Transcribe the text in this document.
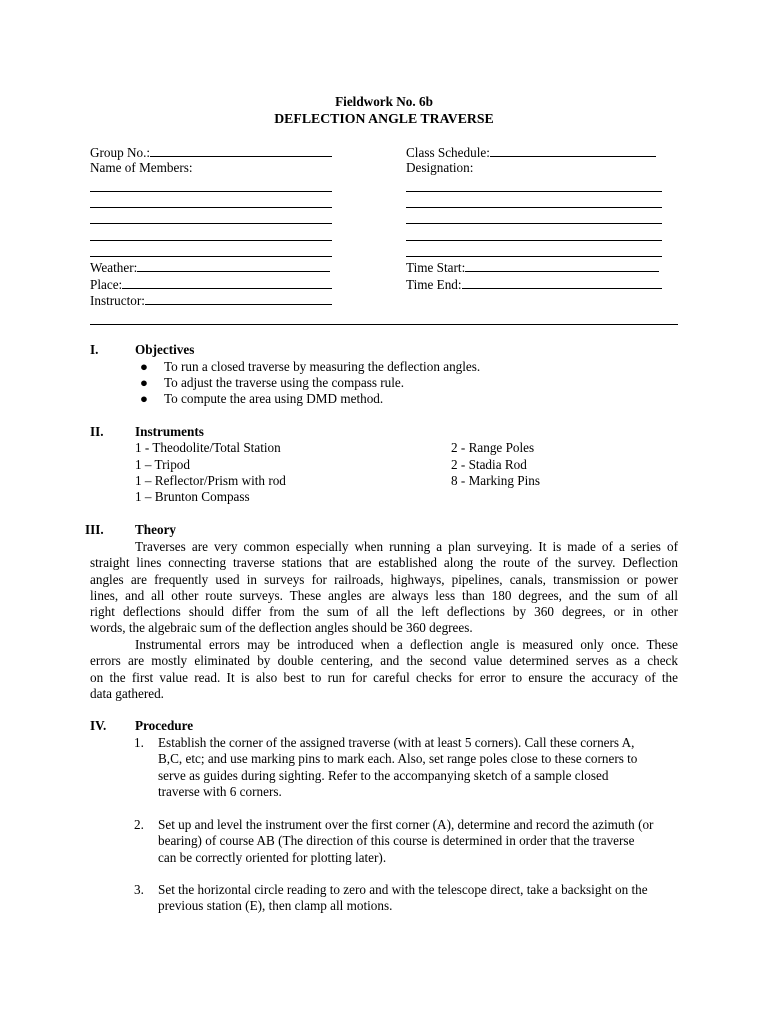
Fieldwork No. 6b
DEFLECTION ANGLE TRAVERSE
Group No.:
Name of Members:
Weather:
Place:
Instructor:
Class Schedule:
Designation:
Time Start:
Time End:
I.	Objectives
● To run a closed traverse by measuring the deflection angles.
● To adjust the traverse using the compass rule.
● To compute the area using DMD method.
II. Instruments
1 - Theodolite/Total Station
1 – Tripod
1 – Reflector/Prism with rod
1 – Brunton Compass
2 - Range Poles
2 - Stadia Rod
8 - Marking Pins
III. Theory
Traverses are very common especially when running a plan surveying. It is made of a series of
straight lines connecting traverse stations that are established along the route of the survey. Deflection
angles are frequently used in surveys for railroads, highways, pipelines, canals, transmission or power
lines, and all other route surveys. These angles are always less than 180 degrees, and the sum of all
right deflections should differ from the sum of all the left deflections by 360 degrees, or in other
words, the algebraic sum of the deflection angles should be 360 degrees.
Instrumental errors may be introduced when a deflection angle is measured only once. These
errors are mostly eliminated by double centering, and the second value determined serves as a check
on the first value read. It is also best to run for careful checks for error to ensure the accuracy of the
data gathered.
IV. Procedure
1. Establish the corner of the assigned traverse (with at least 5 corners). Call these corners A,
B,C, etc; and use marking pins to mark each. Also, set range poles close to these corners to
serve as guides during sighting. Refer to the accompanying sketch of a sample closed
traverse with 6 corners.
2. Set up and level the instrument over the first corner (A), determine and record the azimuth (or
bearing) of course AB (The direction of this course is determined in order that the traverse
can be correctly oriented for plotting later).
3. Set the horizontal circle reading to zero and with the telescope direct, take a backsight on the
previous station (E), then clamp all motions.
